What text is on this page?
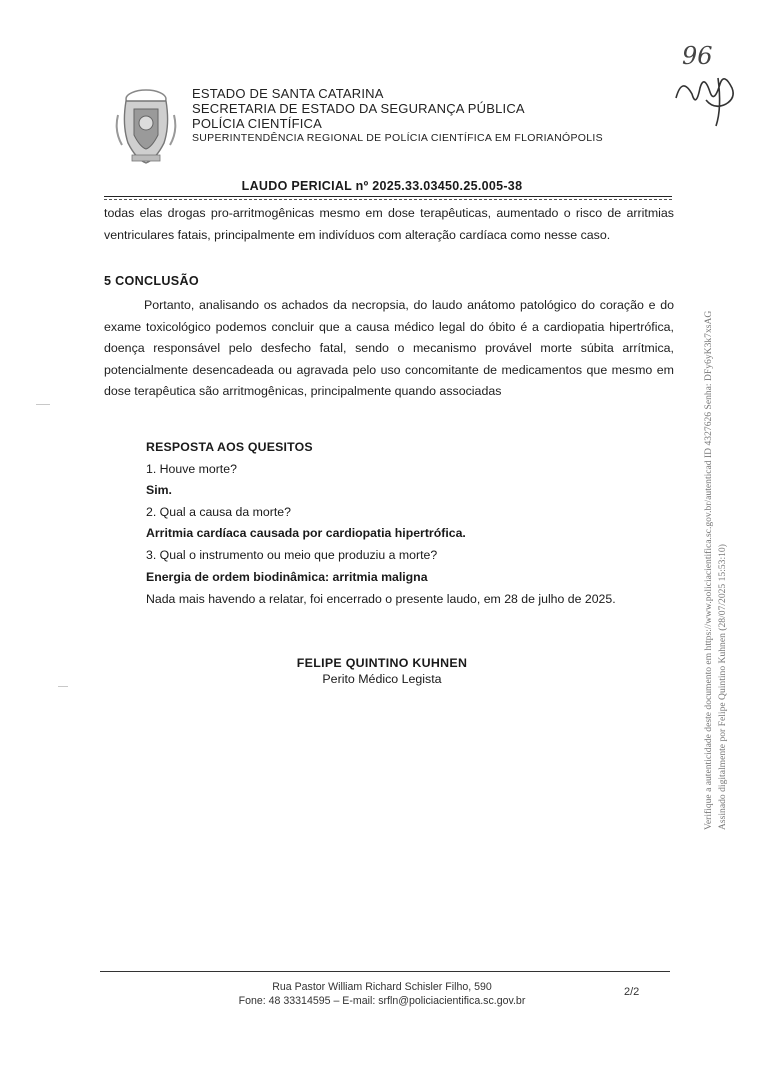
ESTADO DE SANTA CATARINA
SECRETARIA DE ESTADO DA SEGURANÇA PÚBLICA
POLÍCIA CIENTÍFICA
SUPERINTENDÊNCIA REGIONAL DE POLÍCIA CIENTÍFICA EM FLORIANÓPOLIS
96
LAUDO PERICIAL nº 2025.33.03450.25.005-38
todas elas drogas pro-arritmogênicas mesmo em dose terapêuticas, aumentado o risco de arritmias ventriculares fatais, principalmente em indivíduos com alteração cardíaca como nesse caso.
5 CONCLUSÃO
Portanto, analisando os achados da necropsia, do laudo anátomo patológico do coração e do exame toxicológico podemos concluir que a causa médico legal do óbito é a cardiopatia hipertrófica, doença responsável pelo desfecho fatal, sendo o mecanismo provável morte súbita arrítmica, potencialmente desencadeada ou agravada pelo uso concomitante de medicamentos que mesmo em dose terapêutica são arritmogênicas, principalmente quando associadas
RESPOSTA AOS QUESITOS
1. Houve morte?
Sim.
2. Qual a causa da morte?
Arritmia cardíaca causada por cardiopatia hipertrófica.
3. Qual o instrumento ou meio que produziu a morte?
Energia de ordem biodinâmica: arritmia maligna
Nada mais havendo a relatar, foi encerrado o presente laudo, em 28 de julho de 2025.
FELIPE QUINTINO KUHNEN
Perito Médico Legista	Verifique a autenticidade deste documento em https://www.policiacientifica.sc.gov.br/autenticad ID 4327626 Senha: DFy6yK3k7xsAG Assinado digitalmente por Felipe Quintino Kuhnen (28/07/2025 15:53:10)
Rua Pastor William Richard Schisler Filho, 590
Fone: 48 33314595 – E-mail: srfln@policiacientifica.sc.gov.br
2/2
